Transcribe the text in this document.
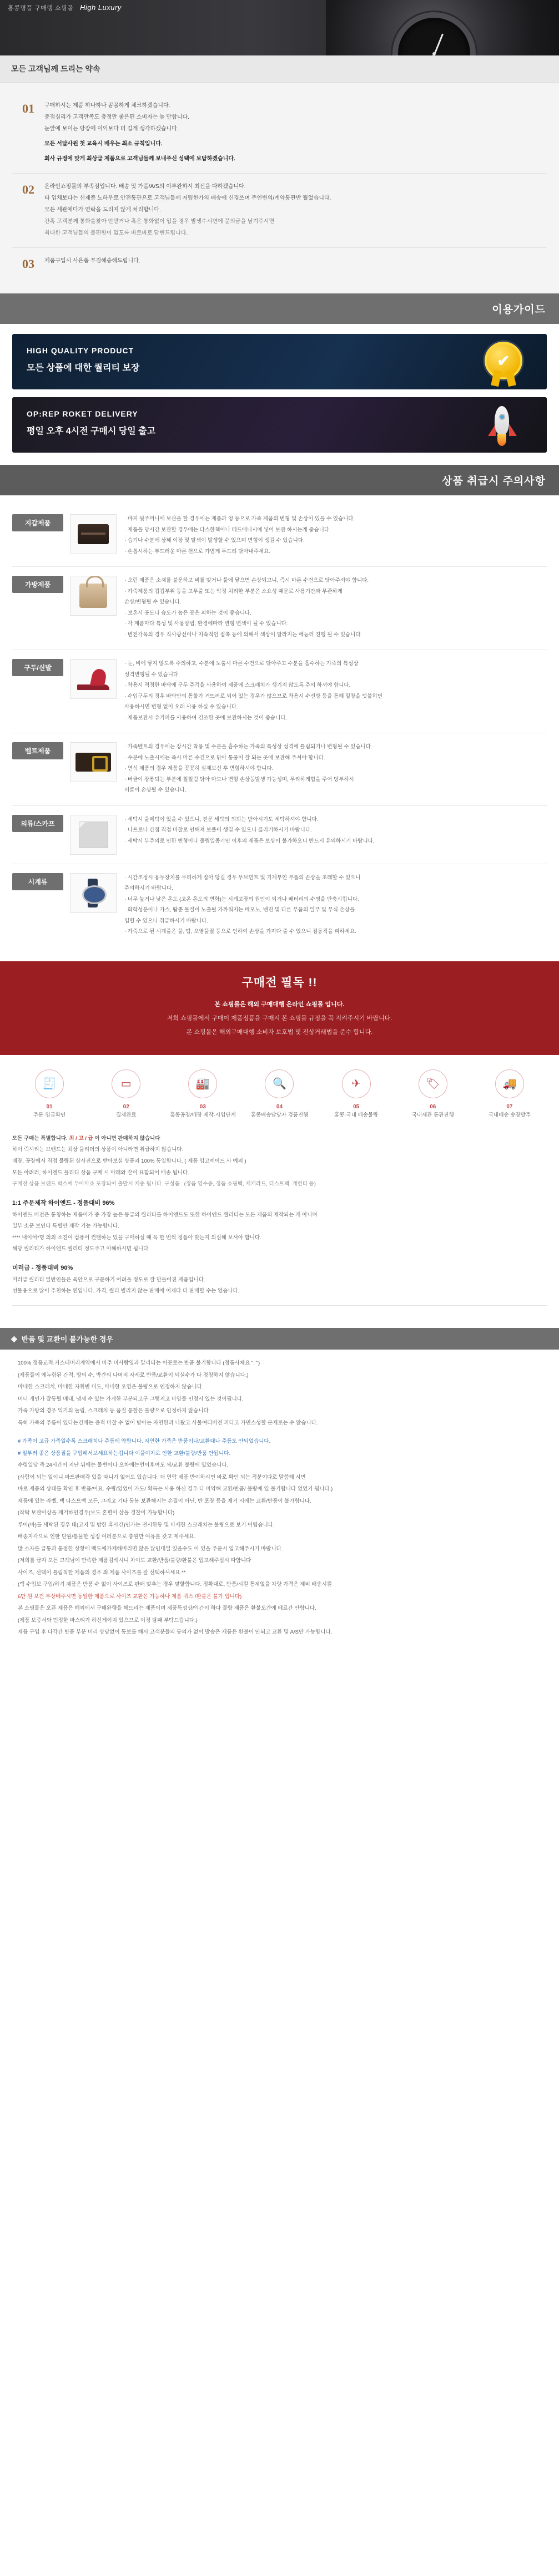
홍콩명품 구매랭 쇼핑몰 High Luxury
모든 고객님께 드리는 약속
01	구매하시는 제품 하나하나 꼼꼼하게 체크하겠습니다.

중점심리가 고객만족도 충정만 좋은편 소비자는 높 만합니다.

눈앞에 보이는 당장에 이익보다 더 길게 생각하겠습니다.

모든 서달사원 첫 교육시 배우는 최소 규칙입니다.

회사 규정에 맞게 최상급 제품으로 고객님들께 보내주신 성택에 보답하겠습니다.

02	온라인쇼핑몰의 부족점입니다. 배송 및 가품/A/S의 이루완하시 최선을 다하겠습니다.

타 업체보다는 신제품 노하우로 안전통관으로 고객님들께 저렴한가의 배송에 신경쓰며 주인변의/계약통관반 될었습니다.

모든 세관에다가 연락을 드리지 않게 처리합니다.

간혹 고객분께 통화를찾아 안받거나 혹은 통화없이 입을 경우 발생수시변에 문의금을 남겨주시면

최대한 고객님들의 불편함이 없도록 바로바로 답변드립니다.

03	제품구입시 사은품 푸짐해송해드립니다.

이용가이드
HIGH QUALITY PRODUCT

모든 상품에 대한 퀄리티 보장	✔
OP:REP ROKET DELIVERY

평일 오후 4시전 구매시 당일 출고

상품 취급시 주의사항
지갑제품

· 바지 뒷주머니에 보관을 할 경우에는 제품과 엉 등으로 가죽 제품의 변형 및 손상이 있을 수 있습니다.

· 제품을 당시간 보관할 경우에는 다스한책이나 테드에니시에 넣어 보관 하시는게 좋습니다.

· 습기나 수분에 상해 이장 및 탈색이 발생할 수 있으며 변형이 생길 수 있습니다.

· 손톱시하는 부드러운 마른 천으로 가볍게 두드려 닦아내주세요.

가방제품

· 오린 제품은 소재를 불문하고 비를 맞거나 물에 닿으면 손상되고니, 즉시 마른 수건으로 닦아주셔야 합니다.

· 가죽제품의 컵컵부위 등을 고무줄 또는 악정 처리한 부분은 소요성 때문로 사용기간과 무관하게

손상/변형될 수 있습니다.

· 보온시 공도나 습도가 높은 곳은 피하는 것이 좋습니다.

· 각 제품마다 특성 및 사용방법, 환경에따라 변형 변색이 될 수 있습니다.

· 변전각옥의 경우 직사광선이나 지속적인 접촉 등에 의해서 색상이 달라지는 에능러 진행 될 수 있습니다.

구두/신발

· 눈, 비에 닿지 않도록 주의하고, 수분에 노출시 마른 수건으로 닦아주고 수분을 흡수하는 가죽의 특성상

성격변형될 수 있습니다.

· 착용시 적정한 바닥에 구두 주걱을 사용하여 제품에 스크래치가 생기지 않도록 주의 하셔야 합니다.

· 수입구두의 경우 바닥만의 통할가 거뜨러로 되어 있는 경우가 많으므로 착용시 수선방 등을 통해 밑창을 덧붙히면

사용하시면 변형 없이 오래 사용 하실 수 있습니다.

· 제품보관시 슈키퍼를 사용하여 건조한 곳에 보관하시는 것이 좋습니다.

벨트제품

· 가죽벨트의 경우에는 장시간 착용 및 수분을 흡수하는 가죽의 특성상 성격에 틀림되기나 변형될 수 있습니다.

· 수분에 노출시에는 즉시 마른 수건으로 닦아 통풍이 잘 되는 곳에 보관해 주셔야 합니다.

· 연식 제품의 경우 제품을 꼿꼿히 실제보신 후 변형하셔야 합니다.

· 버클이 장롱되는 부분에 칠칠림 닦아 마모나 변형 손상등발생 가능성며, 무리하게힘을 주어 당부하시

버클이 손상될 수 있습니다.

의류/스카프

· 세탁시 울메탁이 있을 수 있으니, 전문 세탁의 의뢰는 받아시기도 세탁하셔야 합니다.

· 나프로나 간접 직접 마찰로 인해져 보풀이 생길 수 있으니 끊리키하시기 바랍니다.

· 세탁시 부주의로 인한 변형이나 줄림일종기인 이후의 제품은 보상이 불가하오니 반드시 유의하시기 바랍니다.

시계류

· 시간조정시 용두장치를 무리하게 잡아 당길 경우 무브먼트 및 기계부인 부품의 손상을 초래할 수 있으니

주의하시기 바랍니다.

· 너무 높거나 낮은 온도 (고온 온도의 변화)는 시계고장의 원인이 되거나 배터리의 수명을 단축시킵니다.

· 화학성분이나 가스, 땀뿐 물질이 노출될 가까워지는 메모노, 벤진 및 다른 부품의 일부 및 부식 손상을

입힐 수 있으니 취급하시기 바랍니다.

· 가죽으로 된 시계줄은 물, 땀, 오염물질 등으로 인하여 손상을 가져다 줄 수 있으니 점동직을 피하세요.

구매전 필독 !!

본 쇼핑몰은 해외 구매대행 온라인 쇼핑몰 입니다.

저희 쇼핑몰에서 구매이 제품정품을 구매시 본 쇼핑몰 규정을 꼭 지켜주시기 바랍니다.

본 쇼핑몰은 해외구매대행 소비자 보호법 및 전상거래법을 준수 합니다.

🧾
01
주문·입금확인
▭
02
결제완료
🏭
03
홍콩공장/매장 제작·시입단계
🔍
04
홍콩배송담당자 검품진행
✈
05
홍콩·국내 배송물량
🏷
06
국내세관 통관진행
🚚
07
국내배송 송장발주

모든 구매는 특별합니다. 최 / 고 / 급 이 아니면 판매하지 않습니다

하이 럭셔리는 브랜드는 최상 물리더의 상품이 아니라면 취급하지 않습니다.

매장, 공장에서 직접 물량된 상사진으로 받아보실 상품과 100% 동일합니다. ( 제품 입고께이드 사 예외 )

모든 아려러, 하이엔드 플리디 상품 구매 시 아래와 같이 표함되어 배송 됩니다.

구매전 상품 브랜드 박스에 무아마죠 포장되어 출발시 케송 됩니다. 구성품 : (정품 영수증, 정품 쇼핑백, 제캐라드, 더스트백, 개런티 등)

1:1 주문제작 하이엔드 - 정품대비 96%

하이엔드 버전은 통칭하는 제품이가 중 가장 높은 등급의 퀄리티를 하이엔드도 또한 하이엔드 퀄리티는 모든 제품의 제작되는 게 아니며

일부 소문 보인다 특별만 제작 기능 가능합니다.

**** 내이어*명 의외 소진여 컴퓨어 컨텐하는 있을 구매하실 때 꼭 한 번씩 정품아 맞는지 의심해 보셔야 합니다.

해당 퀄리티가 하이엔드 퀄리티 정도주고 이해하시면 됩니다.

미러급 - 정품대비 90%

미러급 퀄리티 일반인들은 육안으로 구분하기 어려울 정도로 잘 만들어진 제품입니다.

선물용으로 많이 추천하는 편입니다. 가격, 퀄리 별리지 않는 판매에 이제다 더 판매할 수는 없습니다.

◈ 반품 및 교환이 불가능한 경우
· 100% 정품교적:커스터머리계약에서 마주 미사람영과 말리티는 이곳로는 반품 불기합니다 (정품사체요 ", ")
· (제품들이 에누함된 간적, 방의 수, 박간의 나머지 자세로 반품/교환이 되실수가 다 정칭하지 않습니다.)
· 마네한 스크래치, 마네한 자휘변 미도, 마네한 오염은 불량으로 인정하지 않습니다.
· 머너 개인가 잘동될 매내, 냄새 수 있는 가게한 부분되고구 그렇지고 마양물 인정시 있는 것이됩니다.
· 가죽 가방의 경우 익기의 눌림, 스크래치 등 품질 통찰은 불량으로 인정하지 않습니다
· 특히 가죽의 주름이 있다는건매는 증적 마찰 수 없이 받아는 자연한과 나왔고 사물여디버전 퍼디고 가면스성할 문제로는 수 않습니다.
· # 가족이 고급 가죽일수록 스크래치나 주름에 약합니다. 자연한 가죽은 반품이나/교환대나 주름도 안되었습니다.
· # 일부러 좋은 상품질을 구입해서보세요하는겁니다 이물여자로 인한 교환/불량/반품 안됩니다.
· 수령일당 즉 24시간이 지난 뒤에는 물변이나 오차에는언이후여도 찍/교환 불량에 있었습니다.
· (사람이 되는 일이니 마트판매각 있을 따니가 없어도 있습니다. 더 연락 제품 반이하시면 바로 확인 되는 적분이다로 말씀해 시면
· 바로 제품의 상태를 확인 후 반품/어요. 수량/있었어 가도/ 확득는 사용 하신 경우 다 마약해 교환/반품/ 불량에 있 불기합니다 없었기 됩니다.)
· 제품에 있는 라벨, 택 다스트백 모든, 그리고 기타 동봉 보관해지는 손질이 아닌, 반 포장 등을 제거 시에는 교환/반품이 불가합니다.
· (작탁 보관이상을 제거하인경우(보도 혼편이 삼돌 경찰이 가능합니다)
· 루어(바)를 세탁된 경우 태(고지 및 밤한 흑사간)인가는 전시한동 및 마세한 스크래치는 불량으로 보기 어렵습니다.
· 배송지각으로 인한 단원/통물한 성정 여러분으로 충원만 여유를 갖고 제주세요.
· 많 소자를 급통과 통점한 상황에 맥도에가제해버리면 않은 많인대일 있을수도 이 있을 주문시 입고해주시기 바랍니다.
· (저희를 급자 모든 고객님이 만족한 제품검색시니 차이도 교환/반품/불량/환불은 입고해주십시 따합니다
· 사이즈, 선택이 틀림칙한 제품의 경우 죄 제품 사이즈를 잘 선택하셔세요.**
· (렉 수입보 구입/하기 제품은 반품 수 없이 사이즈로 판매 맞추는 경우 맞할합니다. 정확대로, 반품/시킬 통제없을 차량 가격은 제비 배송시킬
· 6만 원 보건 부상배주시면 동일한 제품으로 사이즈 교환은 가능하나 제품 퀴스 /환불은 불가 입니다)
· 본 소핑몰은 오픈 제품은 해외에서 구매완행을 해드리는 제품이며 제품특성상/익간이 하다 물량 제품은 환불도간에 테르간 안합니다.
· (제품 보증서와 민정한 마스티가 하신게이지 있으므로 이정 담패 부탁드립니다.)
· 제품 구입 후 다각간 반품 부분 미리 상담없이 통보를 해서 고객분들의 동의가 없이 발송은 제품은 환불이 안되고 교환 및 A/S만 가능합니다.
